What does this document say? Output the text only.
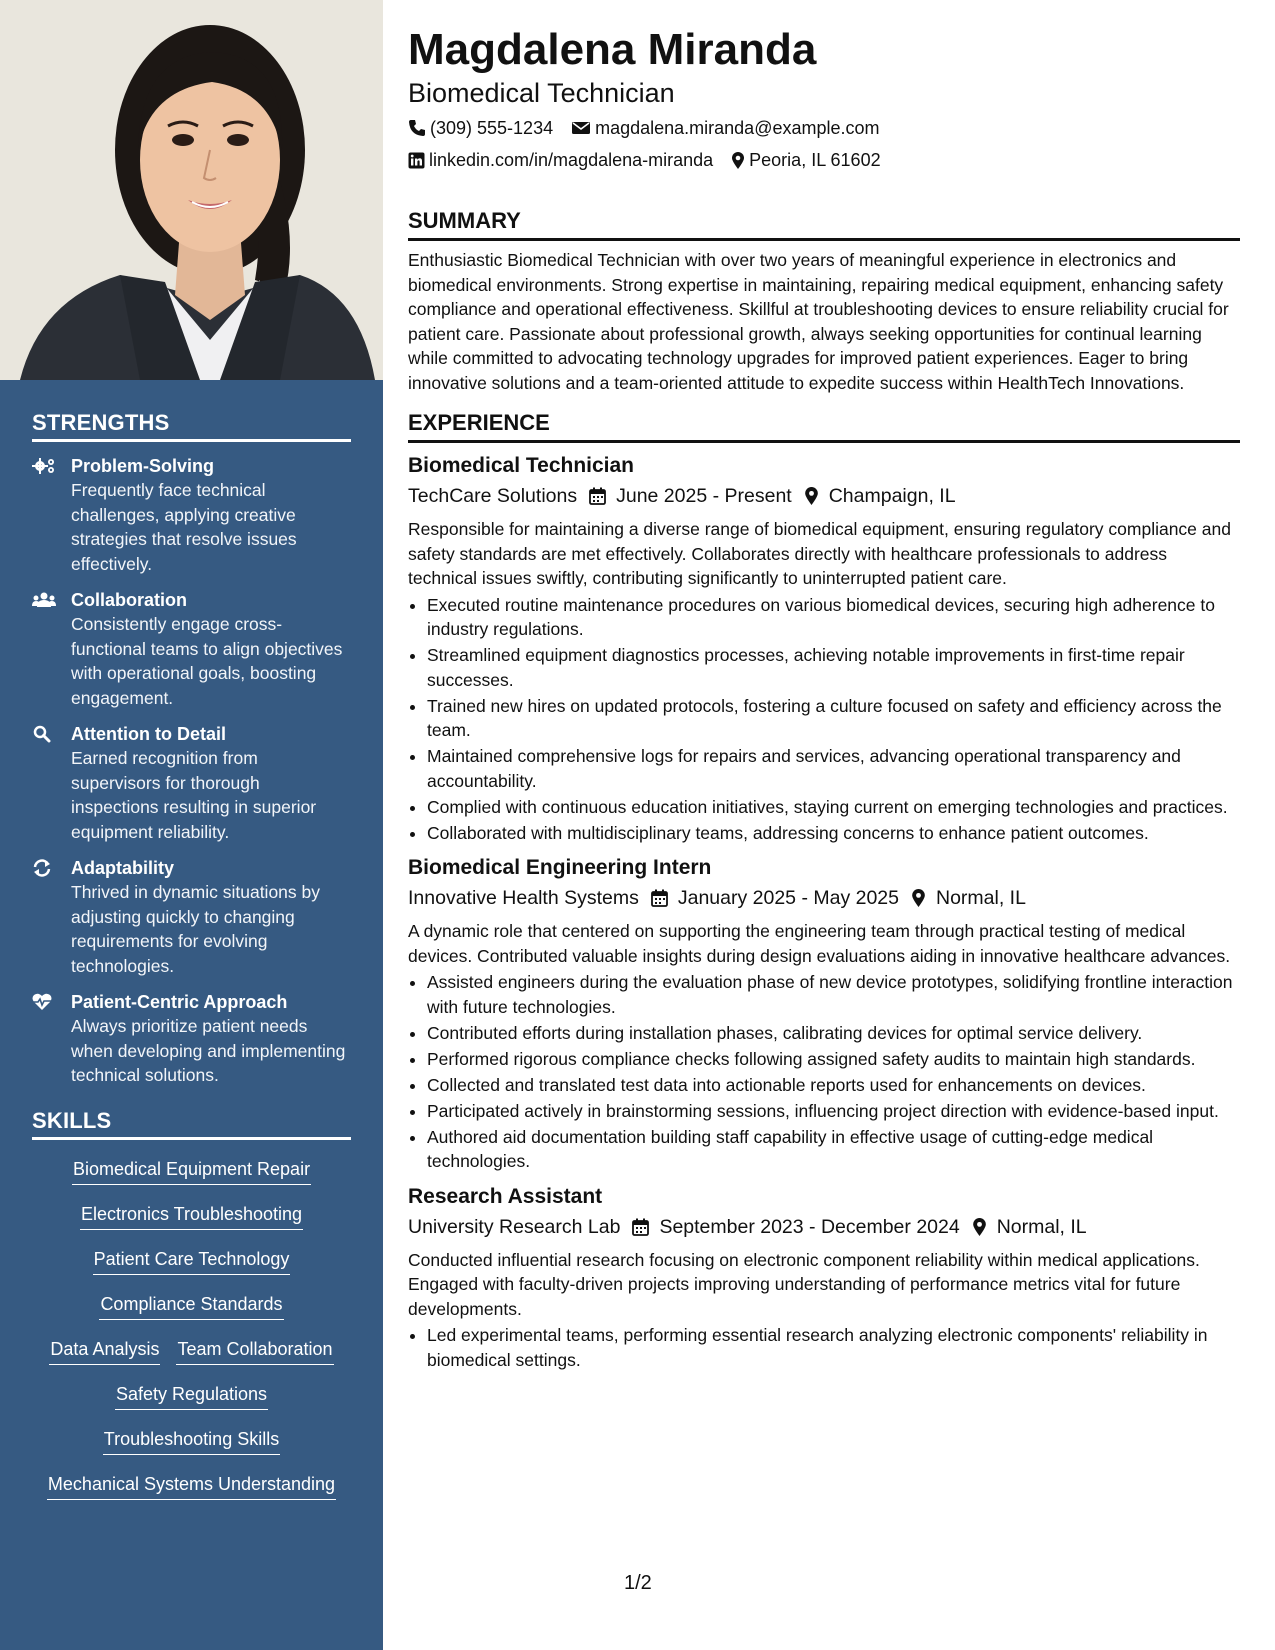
STRENGTHS
Problem-Solving
Frequently face technical challenges, applying creative strategies that resolve issues effectively.
Collaboration
Consistently engage cross-functional teams to align objectives with operational goals, boosting engagement.
Attention to Detail
Earned recognition from supervisors for thorough inspections resulting in superior equipment reliability.
Adaptability
Thrived in dynamic situations by adjusting quickly to changing requirements for evolving technologies.
Patient-Centric Approach
Always prioritize patient needs when developing and implementing technical solutions.
SKILLS
Biomedical Equipment Repair
Electronics Troubleshooting
Patient Care Technology
Compliance Standards
Data Analysis Team Collaboration
Safety Regulations
Troubleshooting Skills
Mechanical Systems Understanding
Magdalena Miranda
Biomedical Technician
(309) 555-1234 magdalena.miranda@example.com
linkedin.com/in/magdalena-miranda Peoria, IL 61602
SUMMARY

Enthusiastic Biomedical Technician with over two years of meaningful experience in electronics and biomedical environments. Strong expertise in maintaining, repairing medical equipment, enhancing safety compliance and operational effectiveness. Skillful at troubleshooting devices to ensure reliability crucial for patient care. Passionate about professional growth, always seeking opportunities for continual learning while committed to advocating technology upgrades for improved patient experiences. Eager to bring innovative solutions and a team-oriented attitude to expedite success within HealthTech Innovations.

EXPERIENCE
Biomedical Technician
TechCare Solutions June 2025 - Present Champaign, IL

Responsible for maintaining a diverse range of biomedical equipment, ensuring regulatory compliance and safety standards are met effectively. Collaborates directly with healthcare professionals to address technical issues swiftly, contributing significantly to uninterrupted patient care.

• Executed routine maintenance procedures on various biomedical devices, securing high adherence to industry regulations.
• Streamlined equipment diagnostics processes, achieving notable improvements in first-time repair successes.
• Trained new hires on updated protocols, fostering a culture focused on safety and efficiency across the team.
• Maintained comprehensive logs for repairs and services, advancing operational transparency and accountability.
• Complied with continuous education initiatives, staying current on emerging technologies and practices.
• Collaborated with multidisciplinary teams, addressing concerns to enhance patient outcomes.
Biomedical Engineering Intern
Innovative Health Systems January 2025 - May 2025 Normal, IL

A dynamic role that centered on supporting the engineering team through practical testing of medical devices. Contributed valuable insights during design evaluations aiding in innovative healthcare advances.

• Assisted engineers during the evaluation phase of new device prototypes, solidifying frontline interaction with future technologies.
• Contributed efforts during installation phases, calibrating devices for optimal service delivery.
• Performed rigorous compliance checks following assigned safety audits to maintain high standards.
• Collected and translated test data into actionable reports used for enhancements on devices.
• Participated actively in brainstorming sessions, influencing project direction with evidence-based input.
• Authored aid documentation building staff capability in effective usage of cutting-edge medical technologies.
Research Assistant
University Research Lab September 2023 - December 2024 Normal, IL

Conducted influential research focusing on electronic component reliability within medical applications. Engaged with faculty-driven projects improving understanding of performance metrics vital for future developments.

• Led experimental teams, performing essential research analyzing electronic components' reliability in biomedical settings.
1/2
